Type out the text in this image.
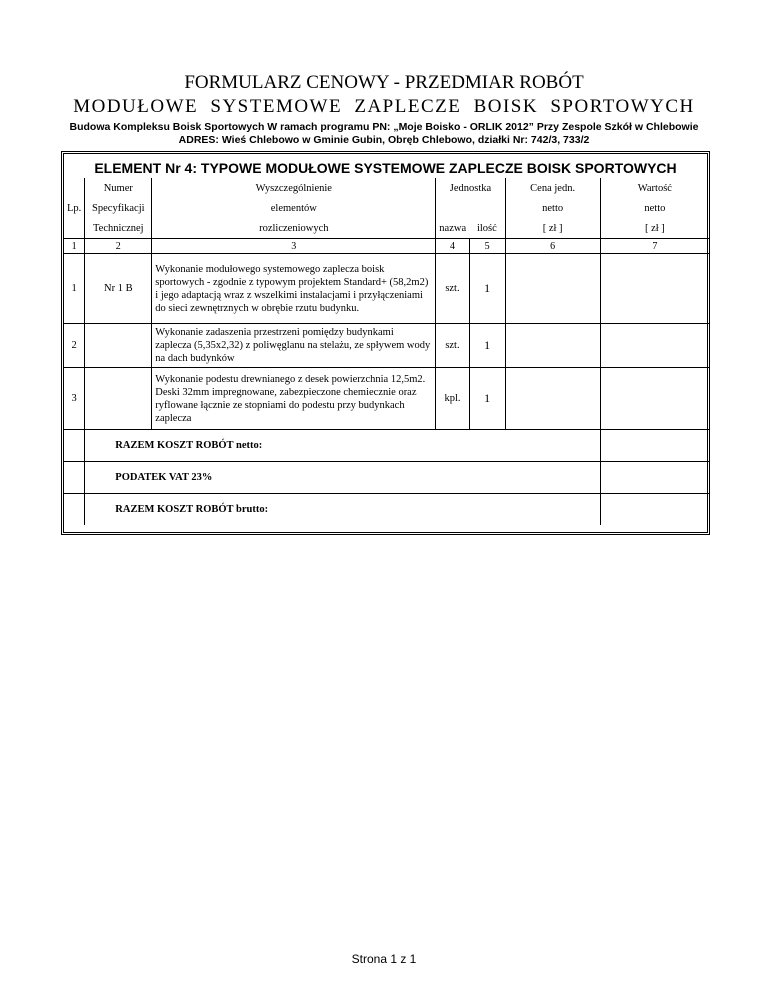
FORMULARZ CENOWY - PRZEDMIAR ROBÓT
MODUŁOWE SYSTEMOWE ZAPLECZE BOISK SPORTOWYCH
Budowa Kompleksu Boisk Sportowych W ramach programu PN: „Moje Boisko - ORLIK 2012” Przy Zespole Szkół w Chlebowie
ADRES: Wieś Chlebowo w Gminie Gubin, Obręb Chlebowo, działki Nr: 742/3, 733/2
ELEMENT Nr 4: TYPOWE MODUŁOWE SYSTEMOWE ZAPLECZE BOISK SPORTOWYCH
Lp.	Numer	Wyszczególnienie	Jednostka		Cena jedn.	Wartość
	Specyfikacji	elementów			netto	netto
	Technicznej	rozliczeniowych	nazwa	ilość	[ zł ]	[ zł ]
1	2	3	4	5	6	7
1	Nr 1 B	Wykonanie modułowego systemowego zaplecza boisk sportowych - zgodnie z typowym projektem Standard+ (58,2m2) i jego adaptacją wraz z wszelkimi instalacjami i przyłączeniami do sieci zewnętrznych w obrębie rzutu budynku.	szt.	1		
2		Wykonanie zadaszenia przestrzeni pomiędzy budynkami zaplecza (5,35x2,32) z poliwęglanu na stelażu, ze spływem wody na dach budynków	szt.	1		
3		Wykonanie podestu drewnianego z desek powierzchnia 12,5m2. Deski 32mm impregnowane, zabezpieczone chemiecznie oraz ryflowane łącznie ze stopniami do podestu przy budynkach zaplecza	kpl.	1		
	RAZEM KOSZT ROBÓT netto:					
	PODATEK VAT 23%					
	RAZEM KOSZT ROBÓT brutto:					
Strona 1 z 1
